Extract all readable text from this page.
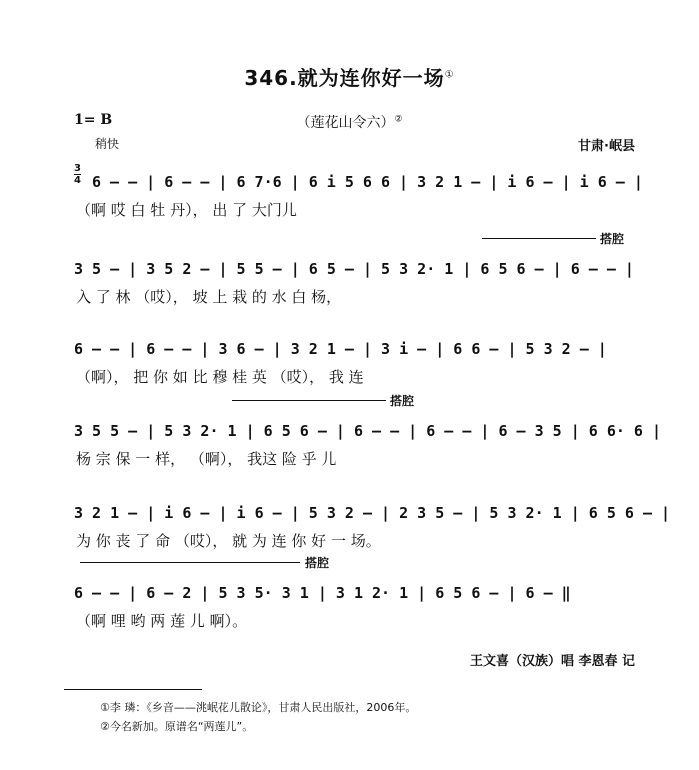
346.就为连你好一场①
1= B	（莲花山令六）②
稍快	甘肃·岷县
3
4 6 ‒ ‒ | 6 ‒ ‒ | 6 7·6 | 6 i 5 6 6 | 3 2 1 ‒ | i 6 ‒ | i 6 ‒ |
（啊 哎 白 牡 丹）， 出 了 大门儿
搭腔
3 5 ‒ | 3 5 2 ‒ | 5 5 ‒ | 6 5 ‒ | 5 3 2· 1 | 6 5 6 ‒ | 6 ‒ ‒ |
入 了 林 （哎）， 坡 上 栽 的 水 白 杨，
6 ‒ ‒ | 6 ‒ ‒ | 3 6 ‒ | 3 2 1 ‒ | 3 i ‒ | 6 6 ‒ | 5 3 2 ‒ |
（啊）， 把 你 如 比 穆 桂 英 （哎）， 我 连
搭腔
3 5 5 ‒ | 5 3 2· 1 | 6 5 6 ‒ | 6 ‒ ‒ | 6 ‒ ‒ | 6 ‒ 3 5 | 6 6· 6 |
杨 宗 保 一 样， （啊）， 我这 险 乎 儿
3 2 1 ‒ | i 6 ‒ | i 6 ‒ | 5 3 2 ‒ | 2 3 5 ‒ | 5 3 2· 1 | 6 5 6 ‒ |
为 你 丧 了 命 （哎）， 就 为 连 你 好 一 场。
搭腔
6 ‒ ‒ | 6 ‒ 2 | 5 3 5· 3 1 | 3 1 2· 1 | 6 5 6 ‒ | 6 ‒ ‖
（啊 哩 哟 两 莲 儿 啊）。
王文喜（汉族）唱 李恩春 记
①李 璘：《乡音——洮岷花儿散论》，甘肃人民出版社，2006年。
②今名新加。原谱名“两莲儿”。
